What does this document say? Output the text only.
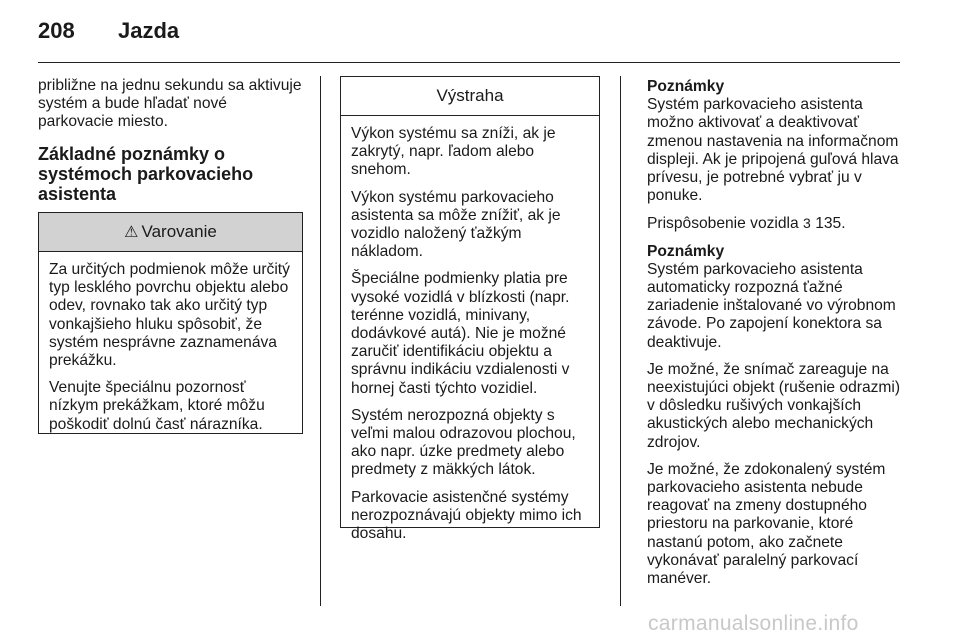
208 Jazda

približne na jednu sekundu sa aktivuje systém a bude hľadať nové parkovacie miesto.

Základné poznámky o systémoch parkovacieho asistenta
⚠ Varovanie

Za určitých podmienok môže určitý typ lesklého povrchu objektu alebo odev, rovnako tak ako určitý typ vonkajšieho hluku spôsobiť, že systém nesprávne zaznamenáva prekážku.

Venujte špeciálnu pozornosť nízkym prekážkam, ktoré môžu poškodiť dolnú časť nárazníka.

Výstraha

Výkon systému sa zníži, ak je zakrytý, napr. ľadom alebo snehom.

Výkon systému parkovacieho asistenta sa môže znížiť, ak je vozidlo naložený ťažkým nákladom.

Špeciálne podmienky platia pre vysoké vozidlá v blízkosti (napr. terénne vozidlá, minivany, dodávkové autá). Nie je možné zaručiť identifikáciu objektu a správnu indikáciu vzdialenosti v hornej časti týchto vozidiel.

Systém nerozpozná objekty s veľmi malou odrazovou plochou, ako napr. úzke predmety alebo predmety z mäkkých látok.

Parkovacie asistenčné systémy nerozpoznávajú objekty mimo ich dosahu.

Poznámky
Systém parkovacieho asistenta možno aktivovať a deaktivovať zmenou nastavenia na informačnom displeji. Ak je pripojená guľová hlava prívesu, je potrebné vybrať ju v ponuke.

Prispôsobenie vozidla 3 135.

Poznámky
Systém parkovacieho asistenta automaticky rozpozná ťažné zariadenie inštalované vo výrobnom závode. Po zapojení konektora sa deaktivuje.

Je možné, že snímač zareaguje na neexistujúci objekt (rušenie odrazmi) v dôsledku rušivých vonkajších akustických alebo mechanických zdrojov.

Je možné, že zdokonalený systém parkovacieho asistenta nebude reagovať na zmeny dostupného priestoru na parkovanie, ktoré nastanú potom, ako začnete vykonávať paralelný parkovací manéver.

carmanualsonline.info
